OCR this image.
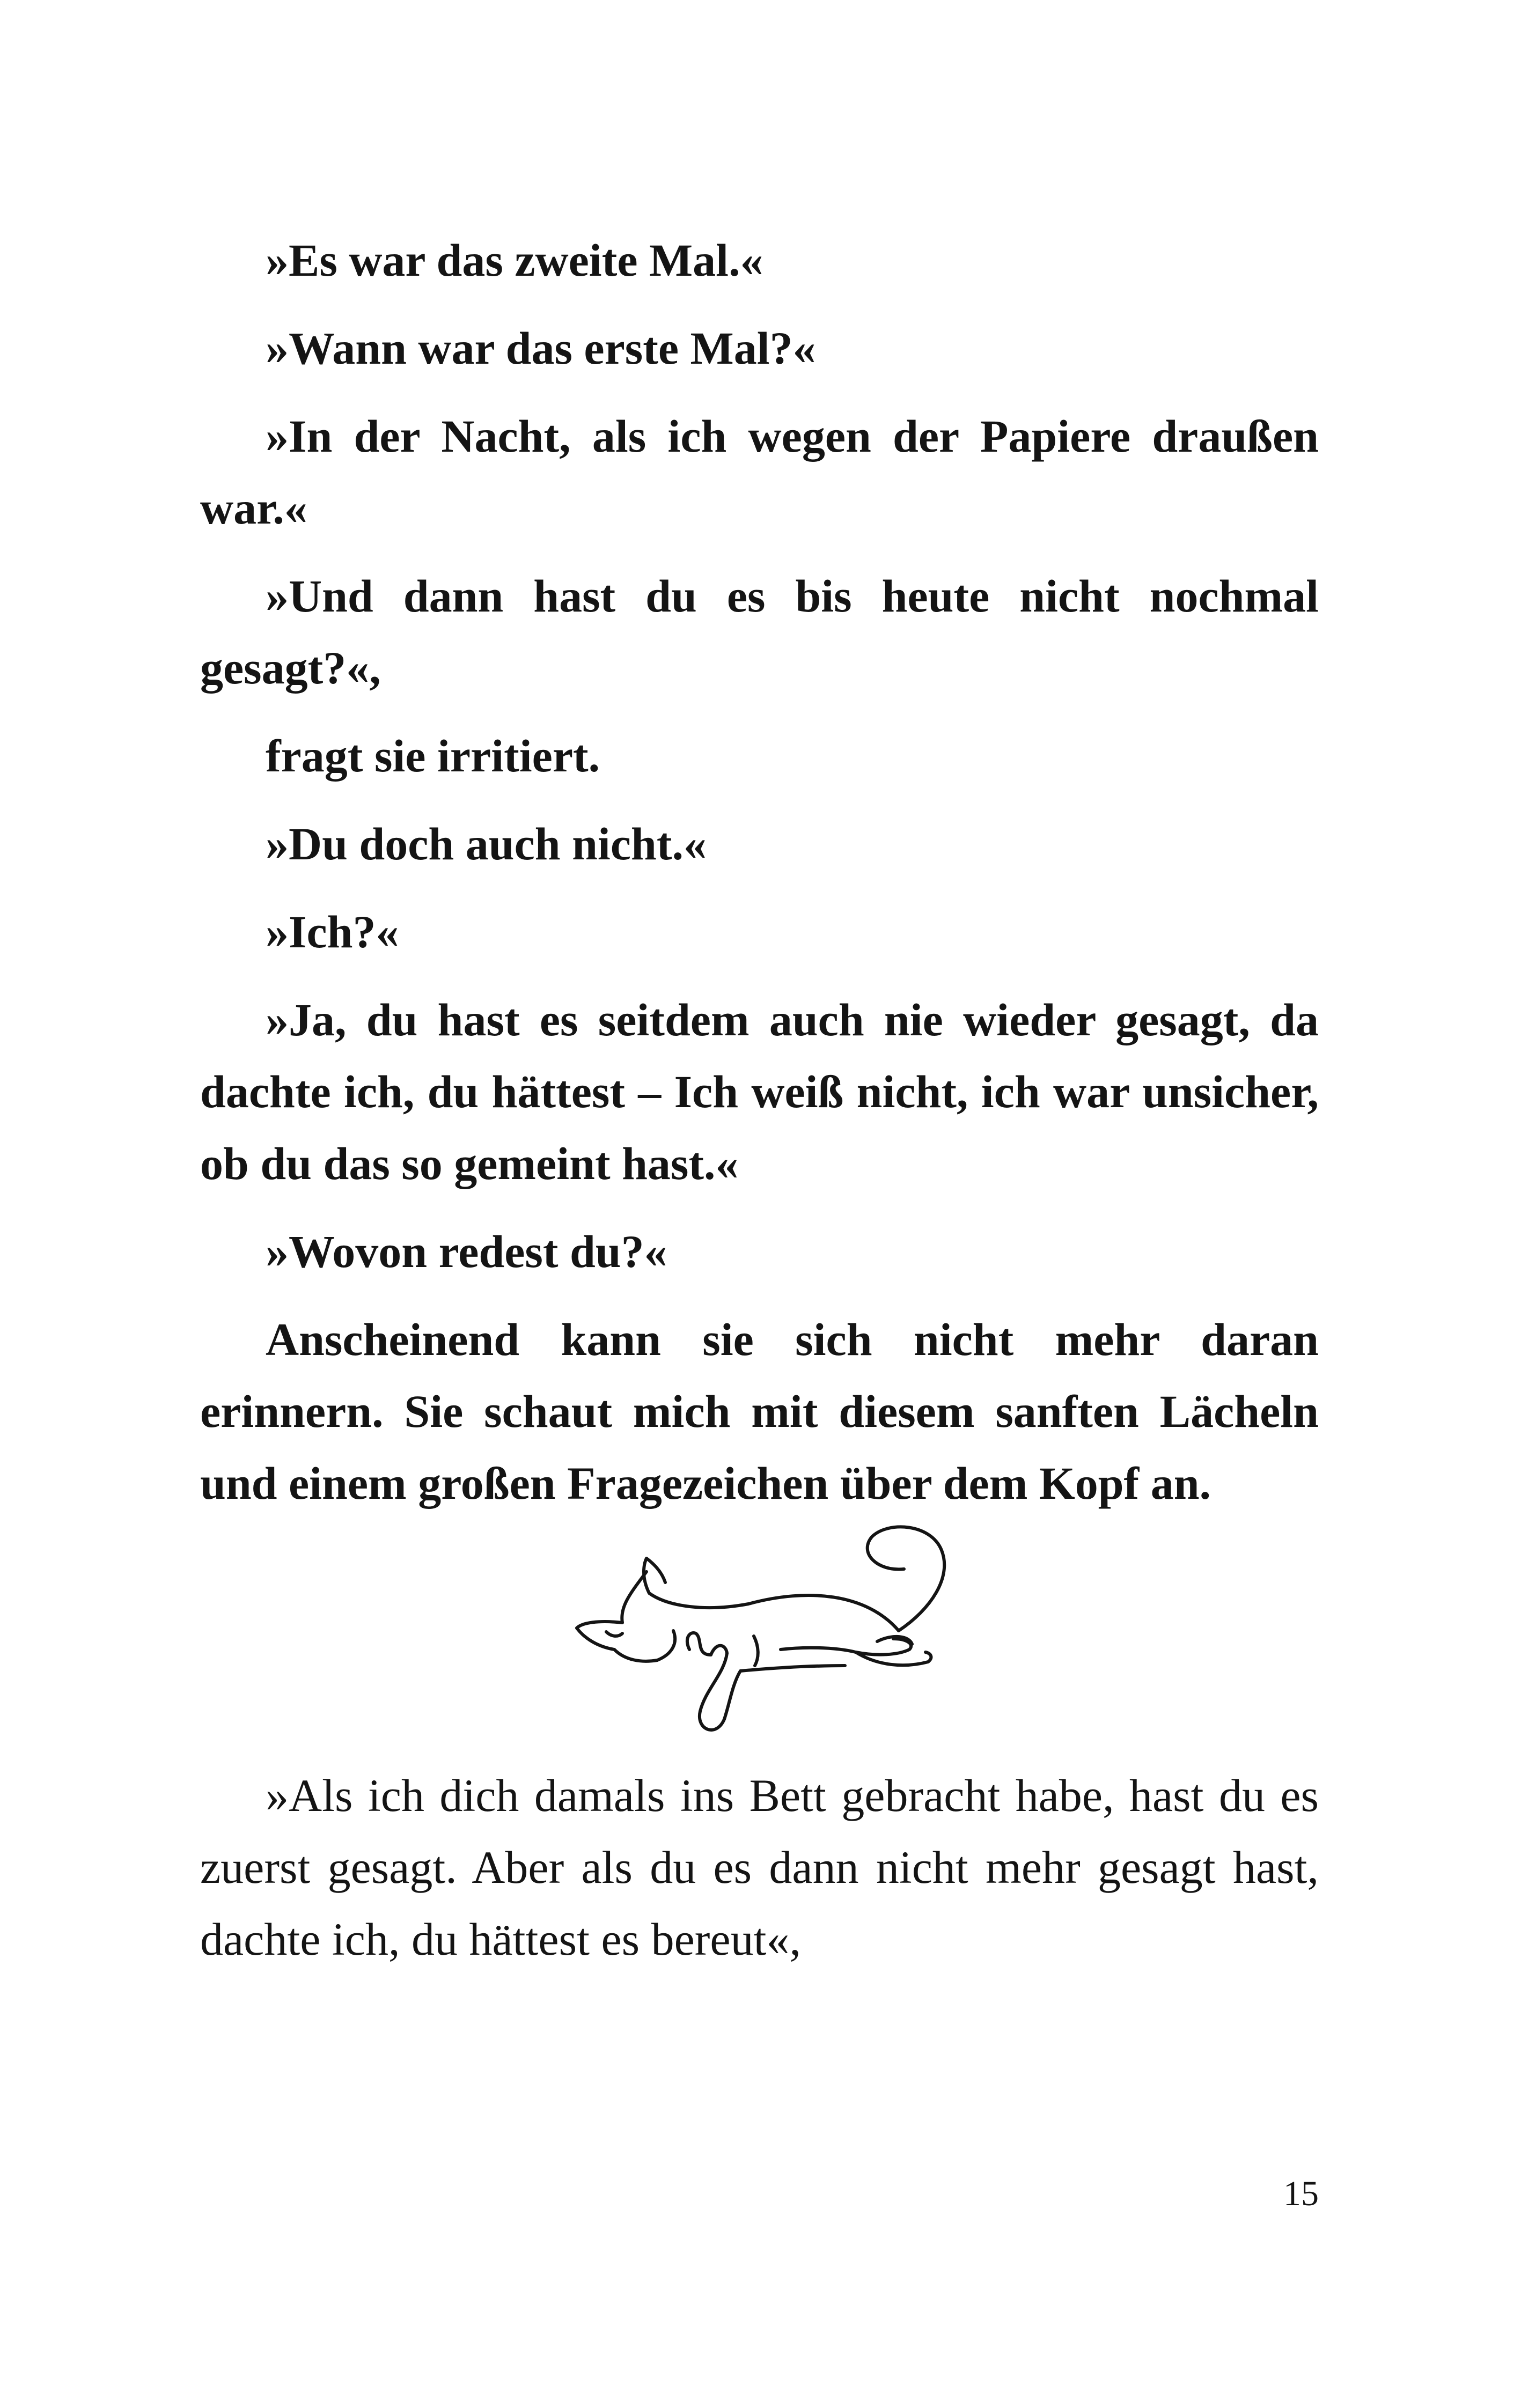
»Es war das zweite Mal.«

»Wann war das erste Mal?«

»In der Nacht, als ich wegen der Papiere draußen war.«

»Und dann hast du es bis heute nicht nochmal gesagt?«,

fragt sie irritiert.

»Du doch auch nicht.«

»Ich?«

»Ja, du hast es seitdem auch nie wieder gesagt, da dachte ich, du hättest – Ich weiß nicht, ich war unsicher, ob du das so gemeint hast.«

»Wovon redest du?«

Anscheinend kann sie sich nicht mehr daran erinnern. Sie schaut mich mit diesem sanften Lächeln und einem großen Fragezeichen über dem Kopf an.

»Als ich dich damals ins Bett gebracht habe, hast du es zuerst gesagt. Aber als du es dann nicht mehr gesagt hast, dachte ich, du hättest es bereut«,

15
